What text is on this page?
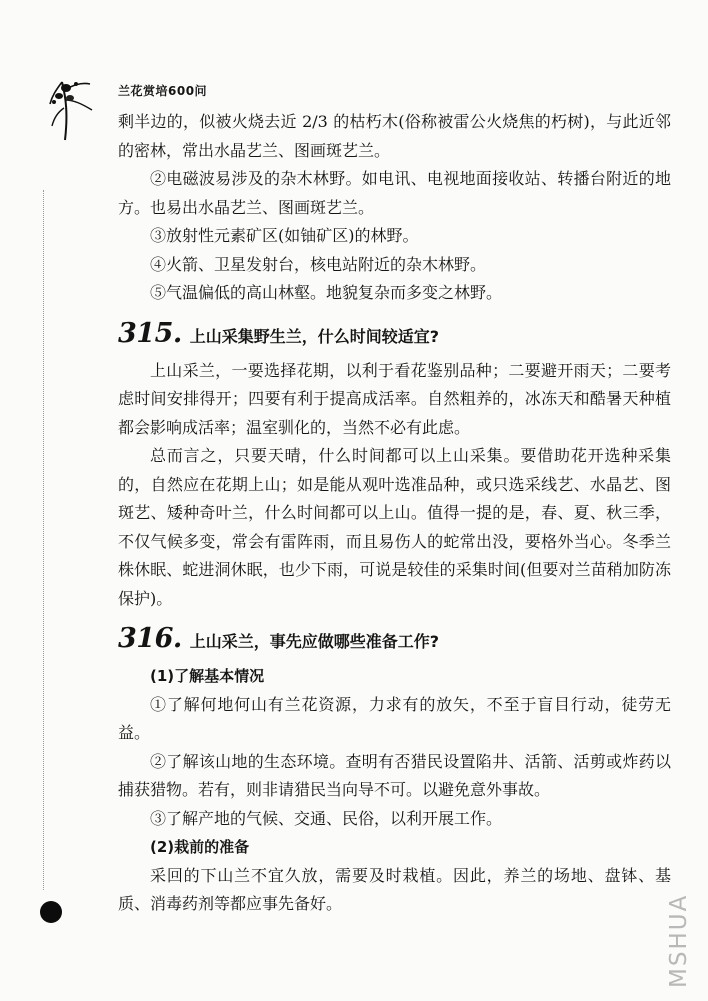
兰花赏培600问

剩半边的，似被火烧去近 2/3 的枯朽木(俗称被雷公火烧焦的朽树)，与此近邻的密林，常出水晶艺兰、图画斑艺兰。

②电磁波易涉及的杂木林野。如电讯、电视地面接收站、转播台附近的地方。也易出水晶艺兰、图画斑艺兰。

③放射性元素矿区(如铀矿区)的林野。

④火箭、卫星发射台，核电站附近的杂木林野。

⑤气温偏低的高山林壑。地貌复杂而多变之林野。

315. 上山采集野生兰，什么时间较适宜?

上山采兰，一要选择花期，以利于看花鉴别品种；二要避开雨天；二要考虑时间安排得开；四要有利于提高成活率。自然粗养的，冰冻天和酷暑天种植都会影响成活率；温室驯化的，当然不必有此虑。

总而言之，只要天晴，什么时间都可以上山采集。要借助花开选种采集的，自然应在花期上山；如是能从观叶选准品种，或只选采线艺、水晶艺、图斑艺、矮种奇叶兰，什么时间都可以上山。值得一提的是，春、夏、秋三季，不仅气候多变，常会有雷阵雨，而且易伤人的蛇常出没，要格外当心。冬季兰株休眠、蛇进洞休眠，也少下雨，可说是较佳的采集时间(但要对兰苗稍加防冻保护)。

316. 上山采兰，事先应做哪些准备工作?

(1)了解基本情况

①了解何地何山有兰花资源，力求有的放矢，不至于盲目行动，徒劳无益。

②了解该山地的生态环境。查明有否猎民设置陷井、活箭、活剪或炸药以捕获猎物。若有，则非请猎民当向导不可。以避免意外事故。

③了解产地的气候、交通、民俗，以利开展工作。

(2)栽前的准备

采回的下山兰不宜久放，需要及时栽植。因此，养兰的场地、盘钵、基质、消毒药剂等都应事先备好。	MSHUA
